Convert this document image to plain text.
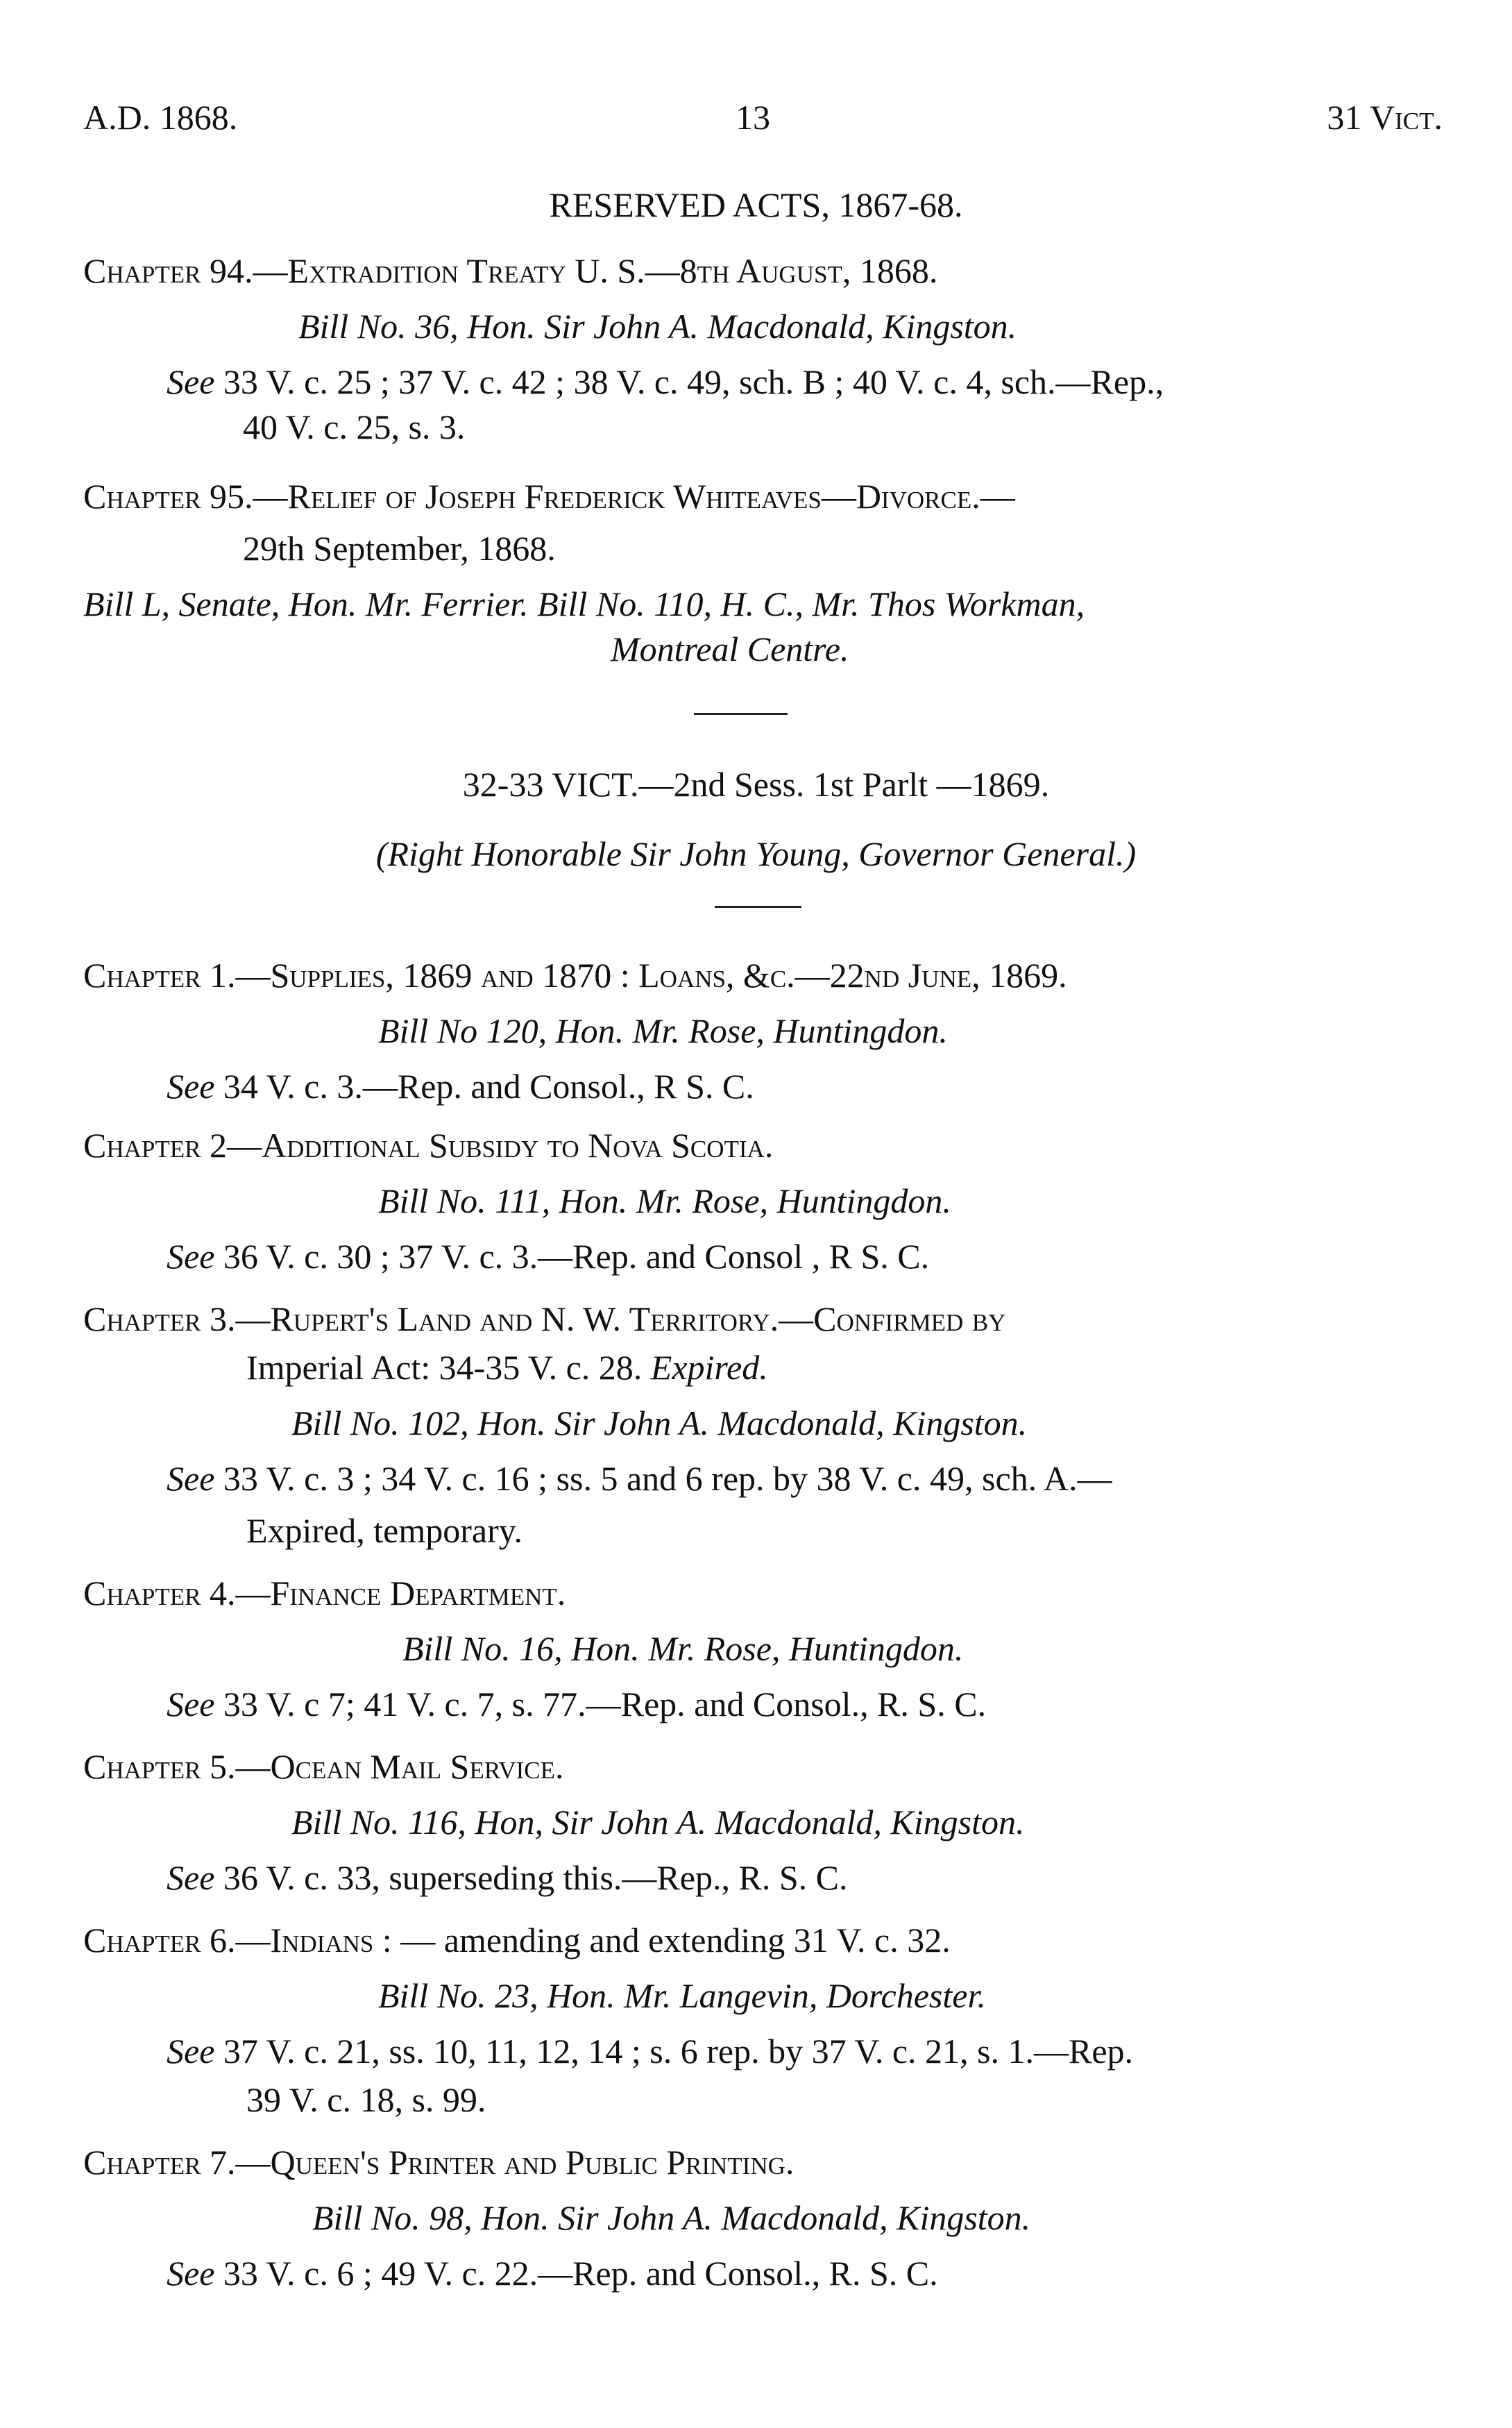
A.D. 1868.	13	31 Vict.
RESERVED ACTS, 1867-68.
Chapter 94.—Extradition Treaty U. S.—8th August, 1868.
Bill No. 36, Hon. Sir John A. Macdonald, Kingston.
See 33 V. c. 25 ; 37 V. c. 42 ; 38 V. c. 49, sch. B ; 40 V. c. 4, sch.—Rep.,
40 V. c. 25, s. 3.
Chapter 95.—Relief of Joseph Frederick Whiteaves—Divorce.—
29th September, 1868.
Bill L, Senate, Hon. Mr. Ferrier. Bill No. 110, H. C., Mr. Thos Workman,
Montreal Centre.
32-33 VICT.—2nd Sess. 1st Parlt —1869.
(Right Honorable Sir John Young, Governor General.)
Chapter 1.—Supplies, 1869 and 1870 : Loans, &c.—22nd June, 1869.
Bill No 120, Hon. Mr. Rose, Huntingdon.
See 34 V. c. 3.—Rep. and Consol., R S. C.
Chapter 2—Additional Subsidy to Nova Scotia.
Bill No. 111, Hon. Mr. Rose, Huntingdon.
See 36 V. c. 30 ; 37 V. c. 3.—Rep. and Consol , R S. C.
Chapter 3.—Rupert's Land and N. W. Territory.—Confirmed by
Imperial Act: 34-35 V. c. 28. Expired.
Bill No. 102, Hon. Sir John A. Macdonald, Kingston.
See 33 V. c. 3 ; 34 V. c. 16 ; ss. 5 and 6 rep. by 38 V. c. 49, sch. A.—
Expired, temporary.
Chapter 4.—Finance Department.
Bill No. 16, Hon. Mr. Rose, Huntingdon.
See 33 V. c 7; 41 V. c. 7, s. 77.—Rep. and Consol., R. S. C.
Chapter 5.—Ocean Mail Service.
Bill No. 116, Hon, Sir John A. Macdonald, Kingston.
See 36 V. c. 33, superseding this.—Rep., R. S. C.
Chapter 6.—Indians : — amending and extending 31 V. c. 32.
Bill No. 23, Hon. Mr. Langevin, Dorchester.
See 37 V. c. 21, ss. 10, 11, 12, 14 ; s. 6 rep. by 37 V. c. 21, s. 1.—Rep.
39 V. c. 18, s. 99.
Chapter 7.—Queen's Printer and Public Printing.
Bill No. 98, Hon. Sir John A. Macdonald, Kingston.
See 33 V. c. 6 ; 49 V. c. 22.—Rep. and Consol., R. S. C.
